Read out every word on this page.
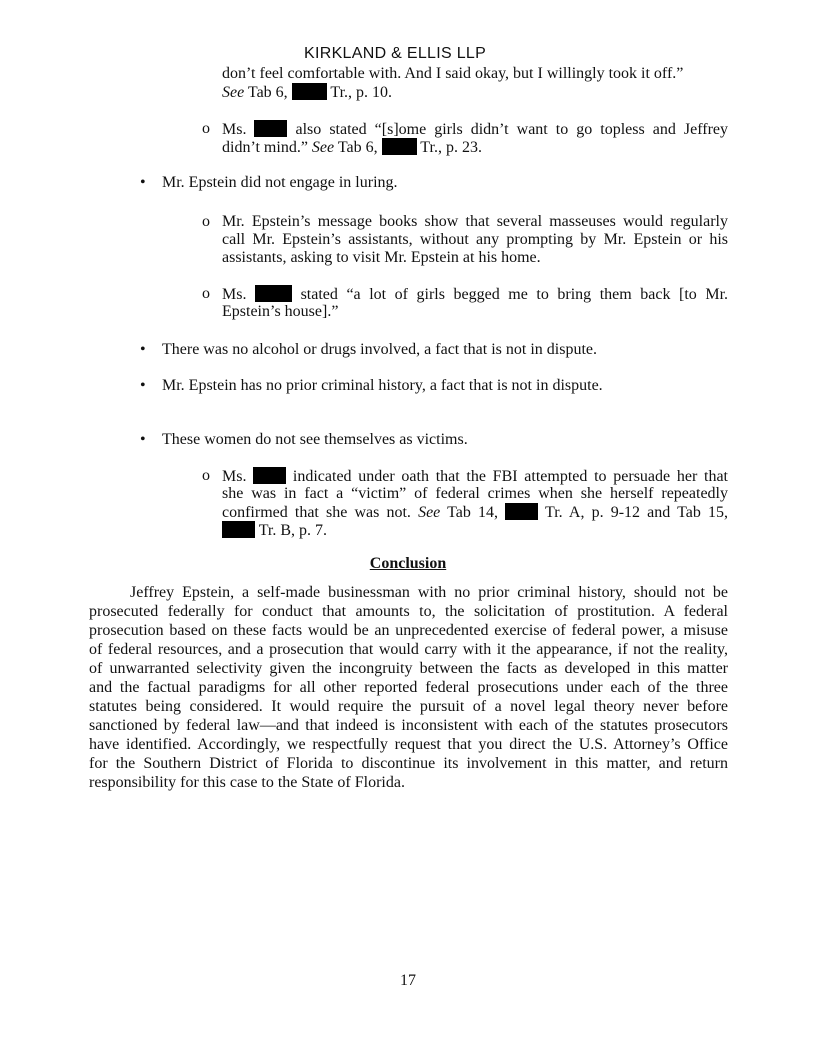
KIRKLAND & ELLIS LLP
don’t feel comfortable with. And I said okay, but I willingly took it off.”
See Tab 6,  Tr., p. 10.
o Ms.  also stated “[s]ome girls didn’t want to go topless and Jeffrey
didn’t mind.” See Tab 6,  Tr., p. 23.
• Mr. Epstein did not engage in luring.
o Mr. Epstein’s message books show that several masseuses would regularly
call Mr. Epstein’s assistants, without any prompting by Mr. Epstein or his
assistants, asking to visit Mr. Epstein at his home.
o Ms.  stated “a lot of girls begged me to bring them back [to Mr.
Epstein’s house].”
• There was no alcohol or drugs involved, a fact that is not in dispute.
• Mr. Epstein has no prior criminal history, a fact that is not in dispute.
• These women do not see themselves as victims.
o Ms.  indicated under oath that the FBI attempted to persuade her that
she was in fact a “victim” of federal crimes when she herself repeatedly
confirmed that she was not. See Tab 14,  Tr. A, p. 9-12 and Tab 15,
Tr. B, p. 7.
Conclusion
Jeffrey Epstein, a self-made businessman with no prior criminal history, should not be
prosecuted federally for conduct that amounts to, the solicitation of prostitution. A federal
prosecution based on these facts would be an unprecedented exercise of federal power, a misuse
of federal resources, and a prosecution that would carry with it the appearance, if not the reality,
of unwarranted selectivity given the incongruity between the facts as developed in this matter
and the factual paradigms for all other reported federal prosecutions under each of the three
statutes being considered. It would require the pursuit of a novel legal theory never before
sanctioned by federal law—and that indeed is inconsistent with each of the statutes prosecutors
have identified. Accordingly, we respectfully request that you direct the U.S. Attorney’s Office
for the Southern District of Florida to discontinue its involvement in this matter, and return
responsibility for this case to the State of Florida.
17
